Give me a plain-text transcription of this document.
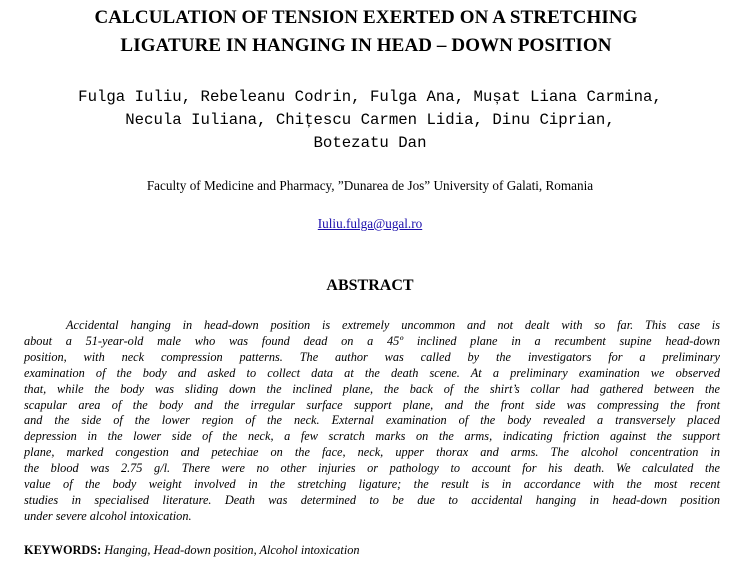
CALCULATION OF TENSION EXERTED ON A STRETCHING
LIGATURE IN HANGING IN HEAD – DOWN POSITION
Fulga Iuliu, Rebeleanu Codrin, Fulga Ana, Mușat Liana Carmina,
Necula Iuliana, Chițescu Carmen Lidia, Dinu Ciprian,
Botezatu Dan
Faculty of Medicine and Pharmacy, ”Dunarea de Jos” University of Galati, Romania
Iuliu.fulga@ugal.ro
ABSTRACT
Accidental hanging in head-down position is extremely uncommon and not dealt with so far. This case is
about a 51-year-old male who was found dead on a 45º inclined plane in a recumbent supine head-down
position, with neck compression patterns. The author was called by the investigators for a preliminary
examination of the body and asked to collect data at the death scene. At a preliminary examination we observed
that, while the body was sliding down the inclined plane, the back of the shirt’s collar had gathered between the
scapular area of the body and the irregular surface support plane, and the front side was compressing the front
and the side of the lower region of the neck. External examination of the body revealed a transversely placed
depression in the lower side of the neck, a few scratch marks on the arms, indicating friction against the support
plane, marked congestion and petechiae on the face, neck, upper thorax and arms. The alcohol concentration in
the blood was 2.75 g/l. There were no other injuries or pathology to account for his death. We calculated the
value of the body weight involved in the stretching ligature; the result is in accordance with the most recent
studies in specialised literature. Death was determined to be due to accidental hanging in head-down position
under severe alcohol intoxication.
KEYWORDS: Hanging, Head-down position, Alcohol intoxication
